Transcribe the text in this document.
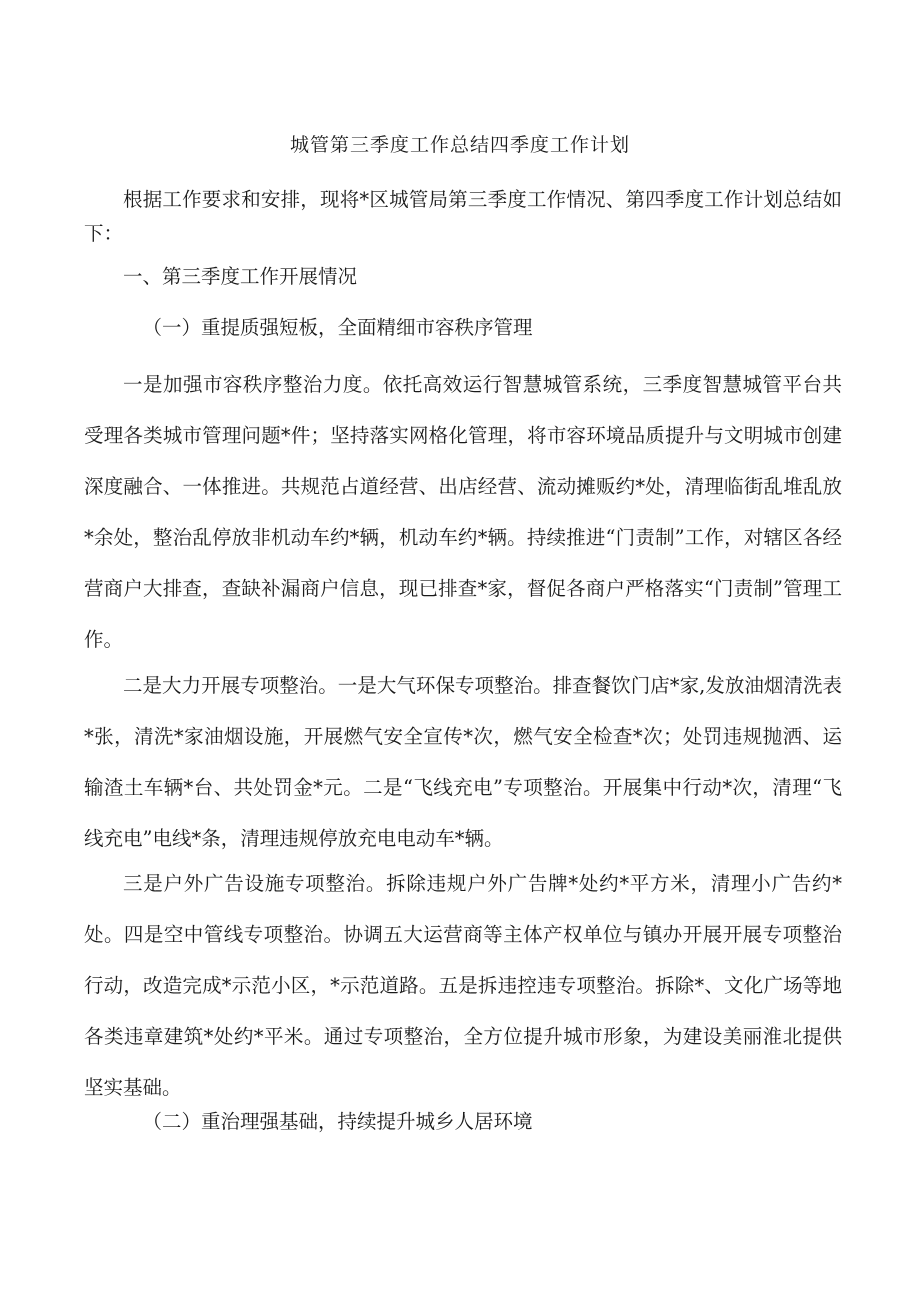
城管第三季度工作总结四季度工作计划

根据工作要求和安排，现将*区城管局第三季度工作情况、第四季度工作计划总结如下：

一、第三季度工作开展情况

（一）重提质强短板，全面精细市容秩序管理

一是加强市容秩序整治力度。依托高效运行智慧城管系统，三季度智慧城管平台共受理各类城市管理问题*件；坚持落实网格化管理，将市容环境品质提升与文明城市创建深度融合、一体推进。共规范占道经营、出店经营、流动摊贩约*处，清理临街乱堆乱放*余处，整治乱停放非机动车约*辆，机动车约*辆。持续推进“门责制”工作，对辖区各经营商户大排查，查缺补漏商户信息，现已排查*家，督促各商户严格落实“门责制”管理工作。

二是大力开展专项整治。一是大气环保专项整治。排查餐饮门店*家,发放油烟清洗表*张，清洗*家油烟设施，开展燃气安全宣传*次，燃气安全检查*次；处罚违规抛洒、运输渣土车辆*台、共处罚金*元。二是“飞线充电”专项整治。开展集中行动*次，清理“飞线充电”电线*条，清理违规停放充电电动车*辆。

三是户外广告设施专项整治。拆除违规户外广告牌*处约*平方米，清理小广告约*处。四是空中管线专项整治。协调五大运营商等主体产权单位与镇办开展开展专项整治行动，改造完成*示范小区，*示范道路。五是拆违控违专项整治。拆除*、文化广场等地各类违章建筑*处约*平米。通过专项整治，全方位提升城市形象，为建设美丽淮北提供坚实基础。

（二）重治理强基础，持续提升城乡人居环境
